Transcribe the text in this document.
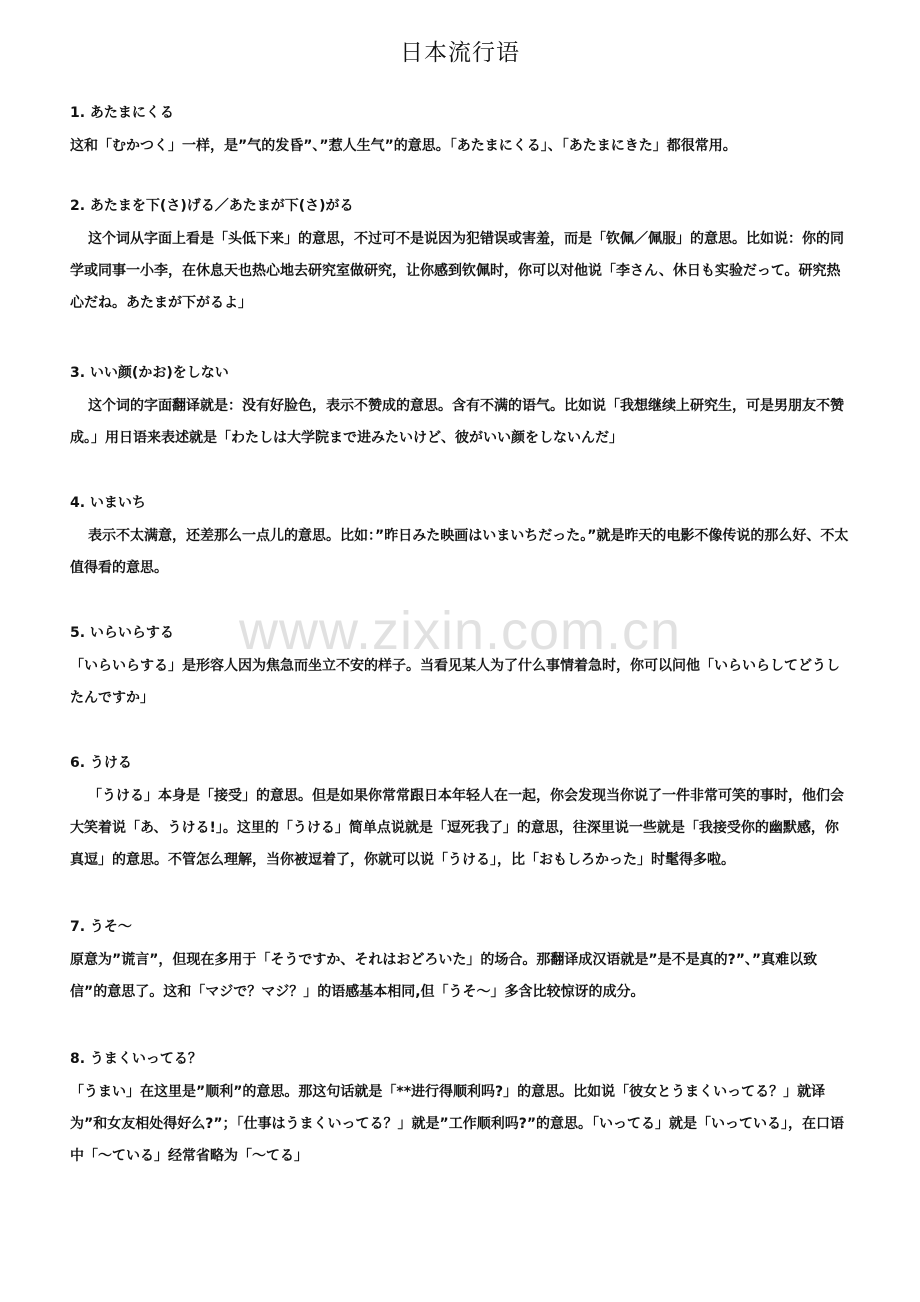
日本流行语
www.zixin.com.cn
1. あたまにくる

这和「むかつく」一样，是”气的发昏”、”惹人生气”的意思。「あたまにくる」、「あたまにきた」都很常用。

2. あたまを下(さ)げる／あたまが下(さ)がる

这个词从字面上看是「头低下来」的意思，不过可不是说因为犯错误或害羞，而是「钦佩／佩服」的意思。比如说：你的同学或同事一小李，在休息天也热心地去研究室做研究，让你感到钦佩时，你可以对他说「李さん、休日も实验だって。研究热心だね。あたまが下がるよ」

3. いい颜(かお)をしない

这个词的字面翻译就是：没有好脸色，表示不赞成的意思。含有不满的语气。比如说「我想继续上研究生，可是男朋友不赞成。」用日语来表述就是「わたしは大学院まで进みたいけど、彼がいい颜をしないんだ」

4. いまいち

表示不太满意，还差那么一点儿的意思。比如：”昨日みた映画はいまいちだった。”就是昨天的电影不像传说的那么好、不太值得看的意思。

5. いらいらする

「いらいらする」是形容人因为焦急而坐立不安的样子。当看见某人为了什么事情着急时，你可以问他「いらいらしてどうしたんですか」

6. うける

「うける」本身是「接受」的意思。但是如果你常常跟日本年轻人在一起，你会发现当你说了一件非常可笑的事时，他们会大笑着说「あ、うける!」。这里的「うける」简单点说就是「逗死我了」的意思，往深里说一些就是「我接受你的幽默感，你真逗」的意思。不管怎么理解，当你被逗着了，你就可以说「うける」，比「おもしろかった」时髦得多啦。

7. うそ～

原意为”谎言”，但现在多用于「そうですか、それはおどろいた」的场合。那翻译成汉语就是”是不是真的?”、”真难以致信”的意思了。这和「マジで？マジ？」的语感基本相同,但「うそ～」多含比较惊讶的成分。

8. うまくいってる？

「うまい」在这里是”顺利”的意思。那这句话就是「**进行得顺利吗?」的意思。比如说「彼女とうまくいってる？」就译为”和女友相处得好么?”；「仕事はうまくいってる？」就是”工作顺利吗?”的意思。「いってる」就是「いっている」，在口语中「～ている」经常省略为「～てる」
